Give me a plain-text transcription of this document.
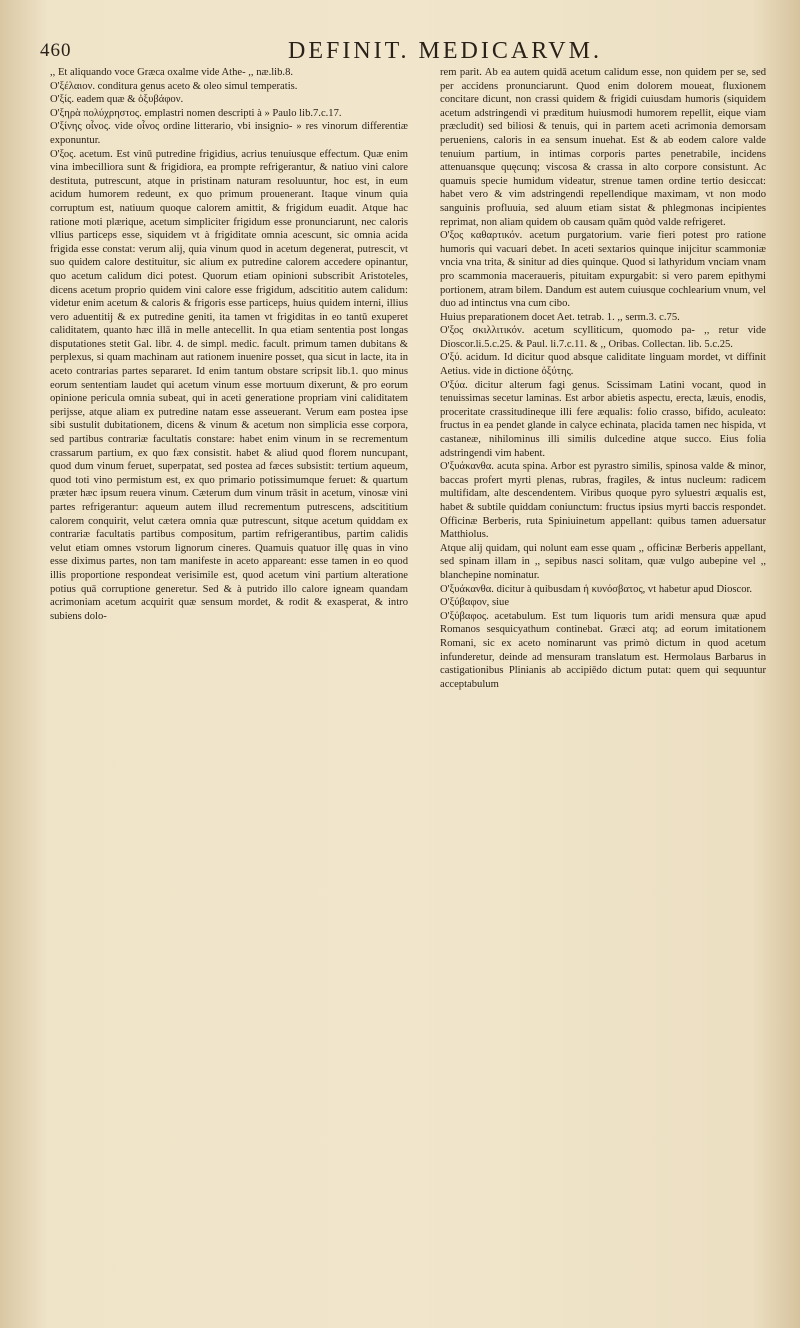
460	DEFINIT. MEDICARVM.

,, Et aliquando voce Græca oxalme vide Athe- ,, næ.lib.8.

Ο'ξέλαιον. conditura genus aceto & oleo simul temperatis.

Ο'ξίς. eadem quæ & ὀξυβάφον.

Ο'ξηρὰ πολύχρηστος. emplastri nomen descripti à » Paulo lib.7.c.17.

Ο'ξίνης οἶνος. vide οἶνος ordine litterario, vbi insignio- » res vinorum differentiæ exponuntur.

Ο'ξος. acetum. Est vinū putredine frigidius, acrius tenuiusque effectum. Quæ enim vina imbecilliora sunt & frigidiora, ea prompte refrigerantur, & natiuo vini calore destituta, putrescunt, atque in pristinam naturam resoluuntur, hoc est, in eum acidum humorem redeunt, ex quo primum prouenerant. Itaque vinum quia corruptum est, natiuum quoque calorem amittit, & frigidum euadit. Atque hac ratione moti plærique, acetum simpliciter frigidum esse pronunciarunt, nec caloris vllius particeps esse, siquidem vt à frigiditate omnia acescunt, sic omnia acida frigida esse constat: verum alij, quia vinum quod in acetum degenerat, putrescit, vt suo quidem calore destituitur, sic alium ex putredine calorem accedere opinantur, quo acetum calidum dici potest. Quorum etiam opinioni subscribit Aristoteles, dicens acetum proprio quidem vini calore esse frigidum, adscititio autem calidum: videtur enim acetum & caloris & frigoris esse particeps, huius quidem interni, illius vero aduentitij & ex putredine geniti, ita tamen vt frigiditas in eo tantū exuperet caliditatem, quanto hæc illā in melle antecellit. In qua etiam sententia post longas disputationes stetit Gal. libr. 4. de simpl. medic. facult. primum tamen dubitans & perplexus, si quam machinam aut rationem inuenire posset, qua sicut in lacte, ita in aceto contrarias partes separaret. Id enim tantum obstare scripsit lib.1. quo minus eorum sententiam laudet qui acetum vinum esse mortuum dixerunt, & pro eorum opinione pericula omnia subeat, qui in aceti generatione propriam vini caliditatem perijsse, atque aliam ex putredine natam esse asseuerant. Verum eam postea ipse sibi sustulit dubitationem, dicens & vinum & acetum non simplicia esse corpora, sed partibus contrariæ facultatis constare: habet enim vinum in se recrementum crassarum partium, ex quo fæx consistit. habet & aliud quod florem nuncupant, quod dum vinum feruet, superpatat, sed postea ad fæces subsistit: tertium aqueum, quod toti vino permistum est, ex quo primario potissimumque feruet: & quartum præter hæc ipsum reuera vinum. Cæterum dum vinum trāsit in acetum, vinosæ vini partes refrigerantur: aqueum autem illud recrementum putrescens, adscititium calorem conquirit, velut cætera omnia quæ putrescunt, sitque acetum quiddam ex contrariæ facultatis partibus compositum, partim refrigerantibus, partim calidis velut etiam omnes vstorum lignorum cineres. Quamuis quatuor illę quas in vino esse diximus partes, non tam manifeste in aceto appareant: esse tamen in eo quod illis proportione respondeat verisimile est, quod acetum vini partium alteratione potius quā corruptione generetur. Sed & à putrido illo calore igneam quandam acrimoniam acetum acquirit quæ sensum mordet, & rodit & exasperat, & intro subiens dolo-

rem parit. Ab ea autem quidā acetum calidum esse, non quidem per se, sed per accidens pronunciarunt. Quod enim dolorem moueat, fluxionem concitare dicunt, non crassi quidem & frigidi cuiusdam humoris (siquidem acetum adstringendi vi præditum huiusmodi humorem repellit, eique viam præcludit) sed biliosi & tenuis, qui in partem aceti acrimonia demorsam perueniens, caloris in ea sensum inuehat. Est & ab eodem calore valde tenuium partium, in intimas corporis partes penetrabile, incidens attenuansque quęcunq; viscosa & crassa in alto corpore consistunt. Ac quamuis specie humidum videatur, strenue tamen ordine tertio desiccat: habet vero & vim adstringendi repellendique maximam, vt non modo sanguinis profluuia, sed aluum etiam sistat & phlegmonas incipientes reprimat, non aliam quidem ob causam quām quòd valde refrigeret.

Ο'ξος καθαρτικόν. acetum purgatorium. varie fieri potest pro ratione humoris qui vacuari debet. In aceti sextarios quinque inijcitur scammoniæ vncia vna trita, & sinitur ad dies quinque. Quod si lathyridum vnciam vnam pro scammonia maceraueris, pituitam expurgabit: si vero parem epithymi portionem, atram bilem. Dandum est autem cuiusque cochlearium vnum, vel duo ad intinctus vna cum cibo.

Huius preparationem docet Aet. tetrab. 1. ,, serm.3. c.75.

Ο'ξος σκιλλιτικόν. acetum scylliticum, quomodo pa- ,, retur vide Dioscor.li.5.c.25. & Paul. li.7.c.11. & ,, Oribas. Collectan. lib. 5.c.25.

Ο'ξύ. acidum. Id dicitur quod absque caliditate linguam mordet, vt diffinit Aetius. vide in dictione ὀξύτης.

Ο'ξύα. dicitur alterum fagi genus. Scissimam Latini vocant, quod in tenuissimas secetur laminas. Est arbor abietis aspectu, erecta, læuis, enodis, proceritate crassitudineque illi fere æqualis: folio crasso, bifido, aculeato: fructus in ea pendet glande in calyce echinata, placida tamen nec hispida, vt castaneæ, nihilominus illi similis dulcedine atque succo. Eius folia adstringendi vim habent.

Ο'ξυάκανθα. acuta spina. Arbor est pyrastro similis, spinosa valde & minor, baccas profert myrti plenas, rubras, fragiles, & intus nucleum: radicem multifidam, alte descendentem. Viribus quoque pyro syluestri æqualis est, habet & subtile quiddam coniunctum: fructus ipsius myrti baccis respondet. Officinæ Berberis, ruta Spiniuinetum appellant: quibus tamen aduersatur Matthiolus.

Atque alij quidam, qui nolunt eam esse quam ,, officinæ Berberis appellant, sed spinam illam in ,, sepibus nasci solitam, quæ vulgo aubepine vel ,, blanchepine nominatur.

Ο'ξυάκανθα. dicitur à quibusdam ἡ κυνόσβατος, vt habetur apud Dioscor.

Ο'ξύβαφον, siue

Ο'ξύβαφος. acetabulum. Est tum liquoris tum aridi mensura quæ apud Romanos sesquicyathum continebat. Græci atq; ad eorum imitationem Romani, sic ex aceto nominarunt vas primò dictum in quod acetum infunderetur, deinde ad mensuram translatum est. Hermolaus Barbarus in castigationibus Plinianis ab accipiēdo dictum putat: quem qui sequuntur acceptabulum
